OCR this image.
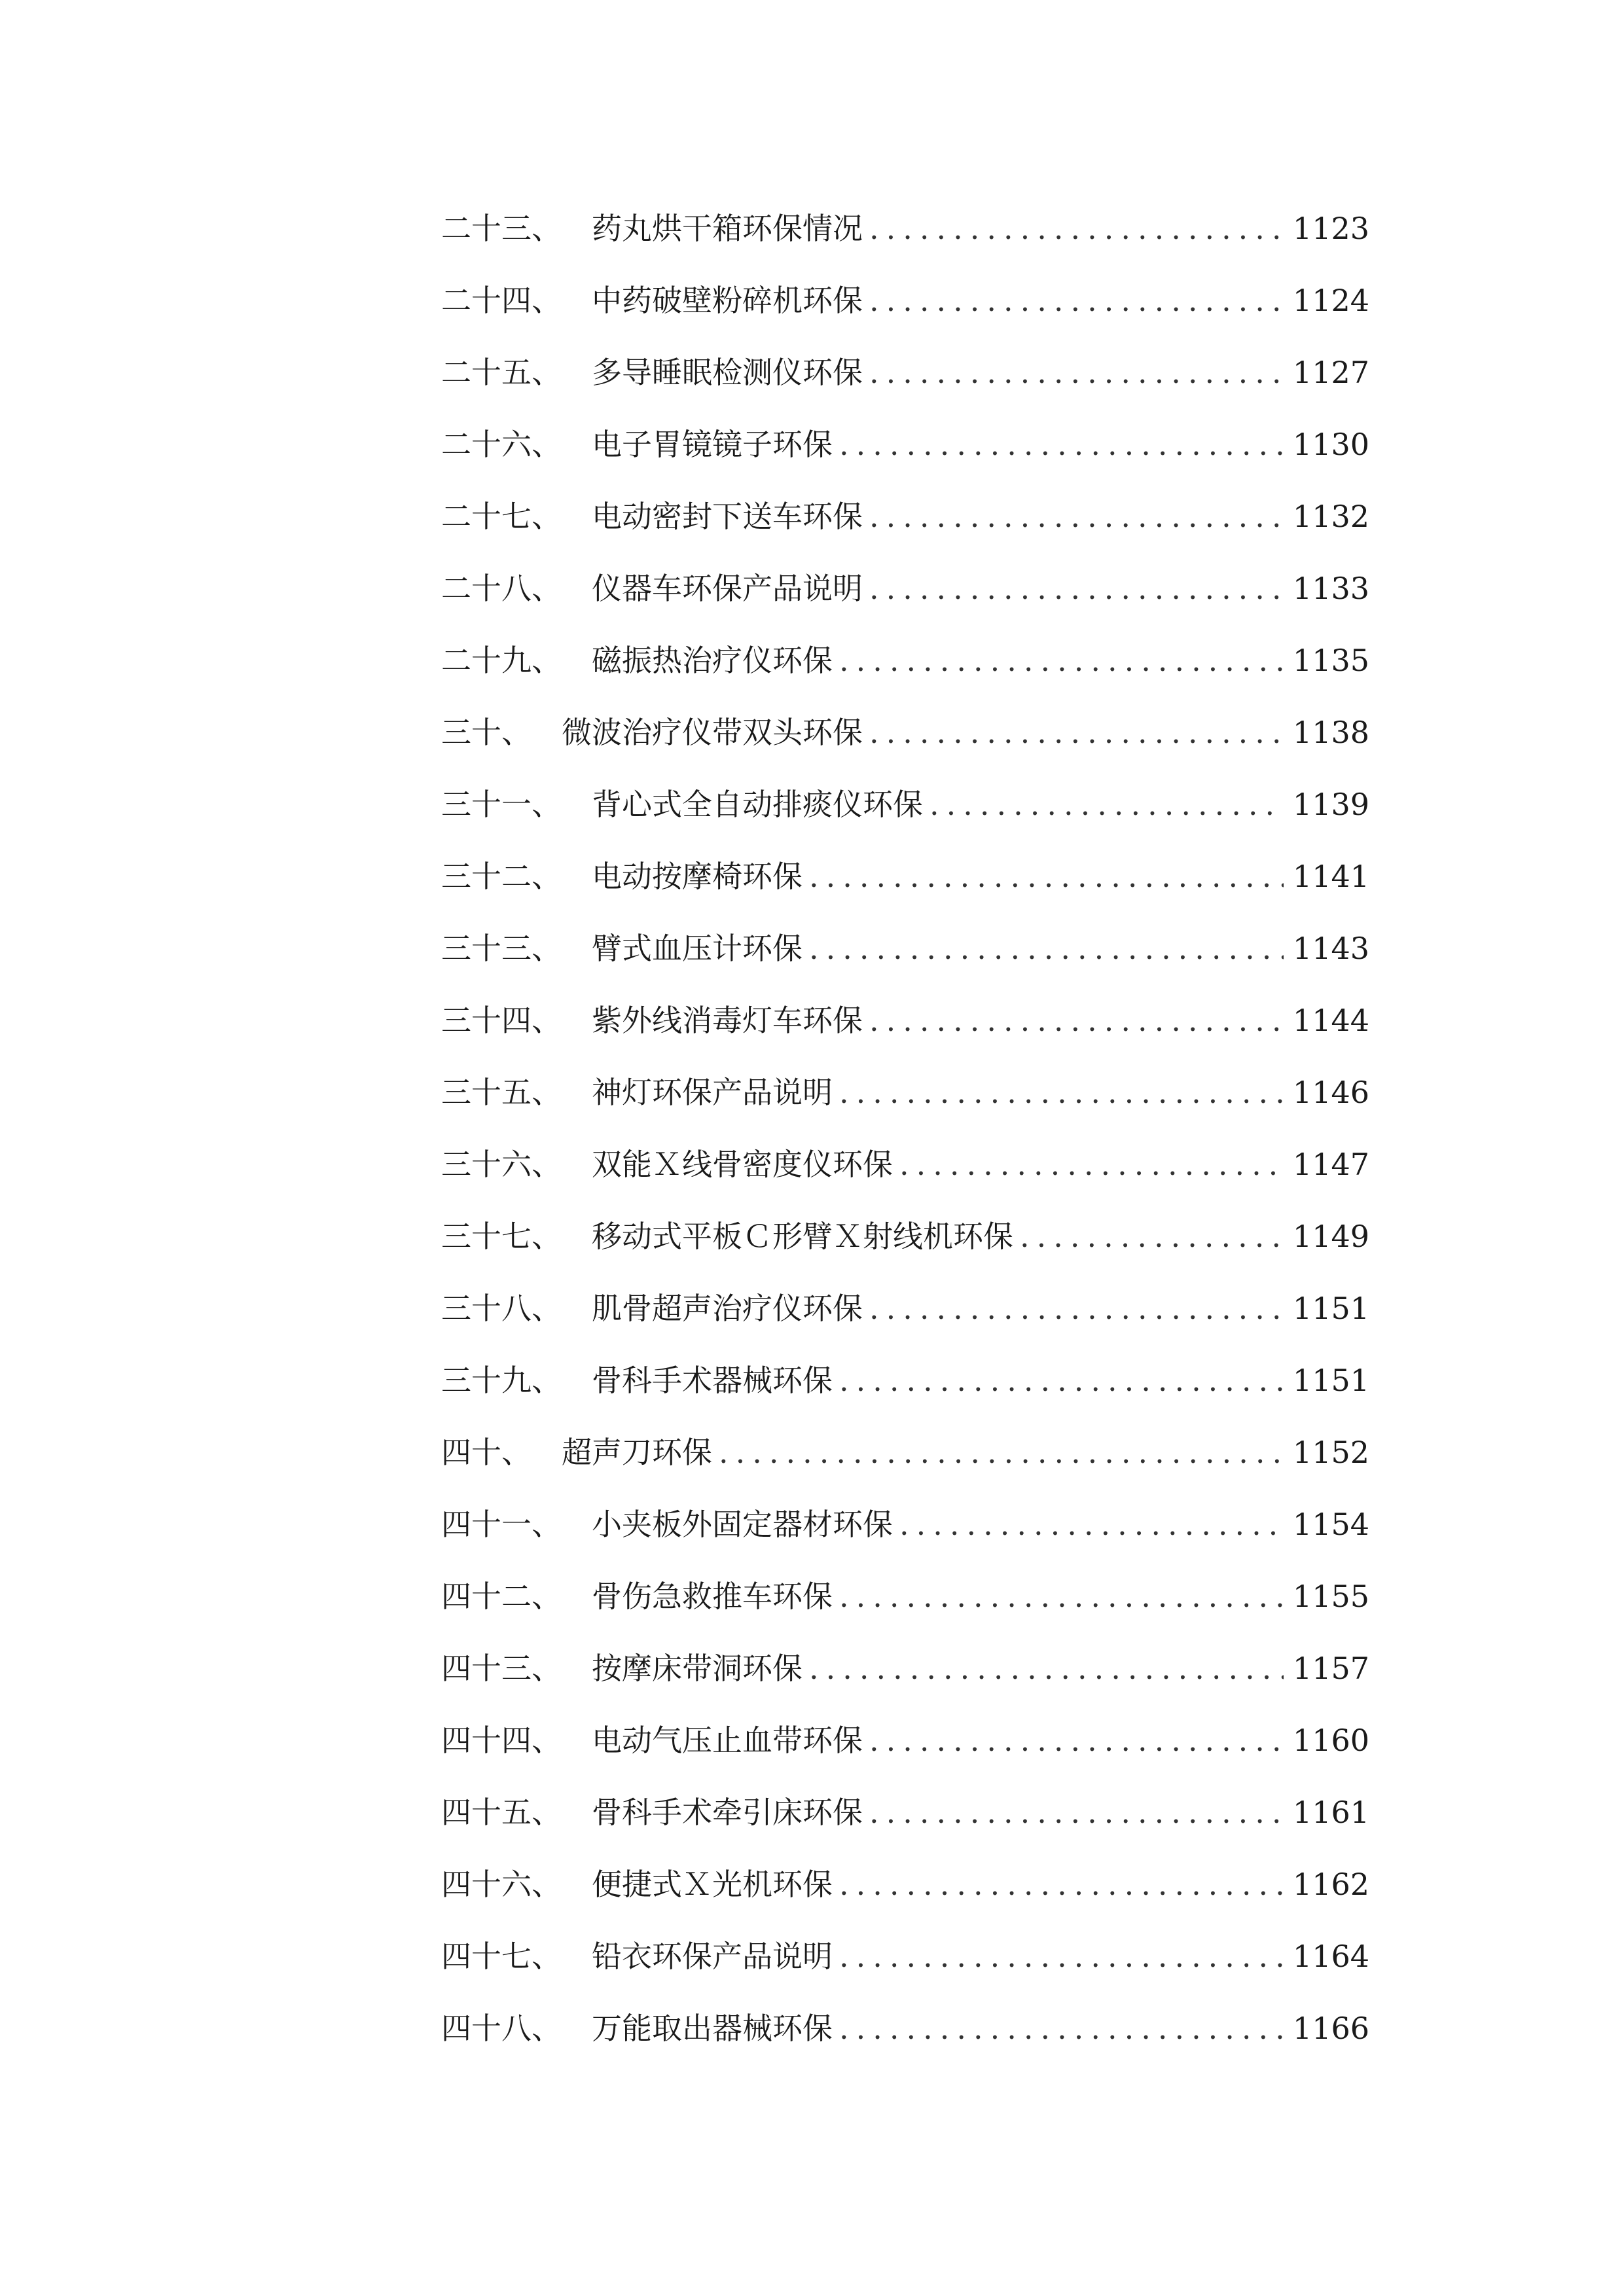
二十三、	药丸烘干箱环保情况 .....	1123
二十四、	中药破壁粉碎机环保 .....	1124
二十五、	多导睡眠检测仪环保 .....	1127
二十六、	电子胃镜镜子环保 .....	1130
二十七、	电动密封下送车环保 .....	1132
二十八、	仪器车环保产品说明 .....	1133
二十九、	磁振热治疗仪环保 .....	1135
三十、	微波治疗仪带双头环保 .....	1138
三十一、	背心式全自动排痰仪环保 .....	1139
三十二、	电动按摩椅环保 .....	1141
三十三、	臂式血压计环保 .....	1143
三十四、	紫外线消毒灯车环保 .....	1144
三十五、	神灯环保产品说明 .....	1146
三十六、	双能Ｘ线骨密度仪环保 .....	1147
三十七、	移动式平板Ｃ形臂Ｘ射线机环保 .....	1149
三十八、	肌骨超声治疗仪环保 .....	1151
三十九、	骨科手术器械环保 .....	1151
四十、	超声刀环保 .....	1152
四十一、	小夹板外固定器材环保 .....	1154
四十二、	骨伤急救推车环保 .....	1155
四十三、	按摩床带洞环保 .....	1157
四十四、	电动气压止血带环保 .....	1160
四十五、	骨科手术牵引床环保 .....	1161
四十六、	便捷式Ｘ光机环保 .....	1162
四十七、	铅衣环保产品说明 .....	1164
四十八、	万能取出器械环保 .....	1166
